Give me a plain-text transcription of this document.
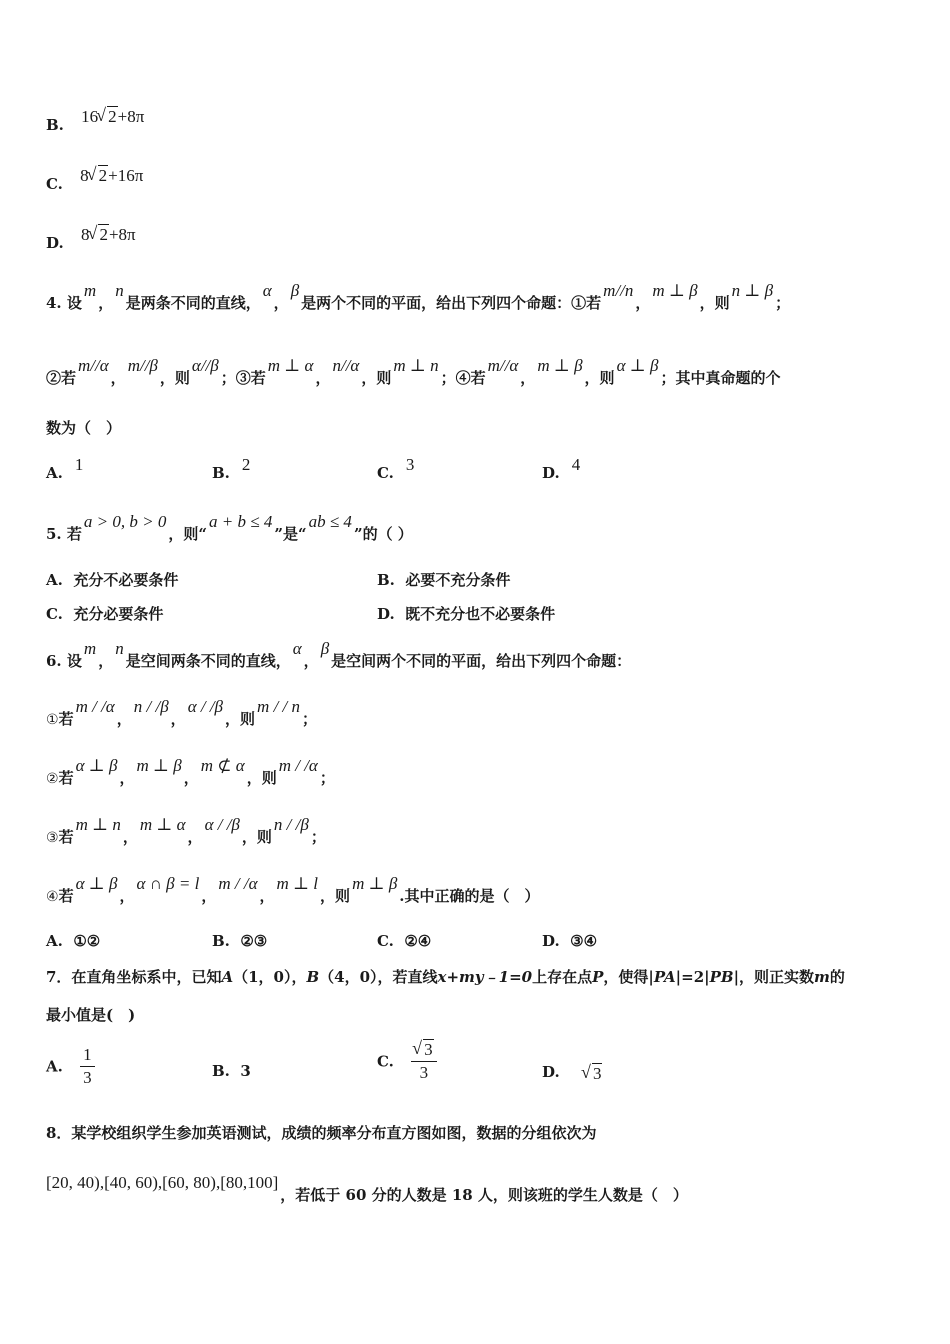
B. 16 √ 2+8π
C. 8 √ 2+16π
D. 8 √ 2+8π
4. 设m，n是两条不同的直线，α，β是两个不同的平面，给出下列四个命题：①若m//n，m ⊥ β，则n ⊥ β；
②若m//α，m//β，则α//β；③若m ⊥ α，n//α，则m ⊥ n；④若m//α，m ⊥ β，则α ⊥ β；其中真命题的个
数为（　）
A. 1	B. 2	C. 3	D. 4
5. 若a > 0, b > 0，则“a + b ≤ 4”是“ab ≤ 4”的（ ）
A. 充分不必要条件	B. 必要不充分条件
C. 充分必要条件	D. 既不充分也不必要条件
6. 设m，n是空间两条不同的直线，α，β是空间两个不同的平面，给出下列四个命题：
①若m / /α，n / /β，α / /β，则m / / n；
②若α ⊥ β，m ⊥ β，m ⊄ α，则m / /α；
③若m ⊥ n，m ⊥ α，α / /β，则n / /β；
④若α ⊥ β，α ∩ β = l，m / /α，m ⊥ l，则m ⊥ β.其中正确的是（　）
A. ①②	B. ②③	C. ②④	D. ③④
7．在直角坐标系中，已知A（1，0），B（4，0），若直线x+my﹣1=0上存在点P，使得|PA|=2|PB|，则正实数m的
最小值是(　)
A. $\frac{1}{3}$	B. 3
C. √ $\frac{3}{3}$	D. √ 3
8．某学校组织学生参加英语测试，成绩的频率分布直方图如图，数据的分组依次为
[20, 40),[40, 60),[60, 80),[80,100]，若低于 60 分的人数是 18 人，则该班的学生人数是（　）
